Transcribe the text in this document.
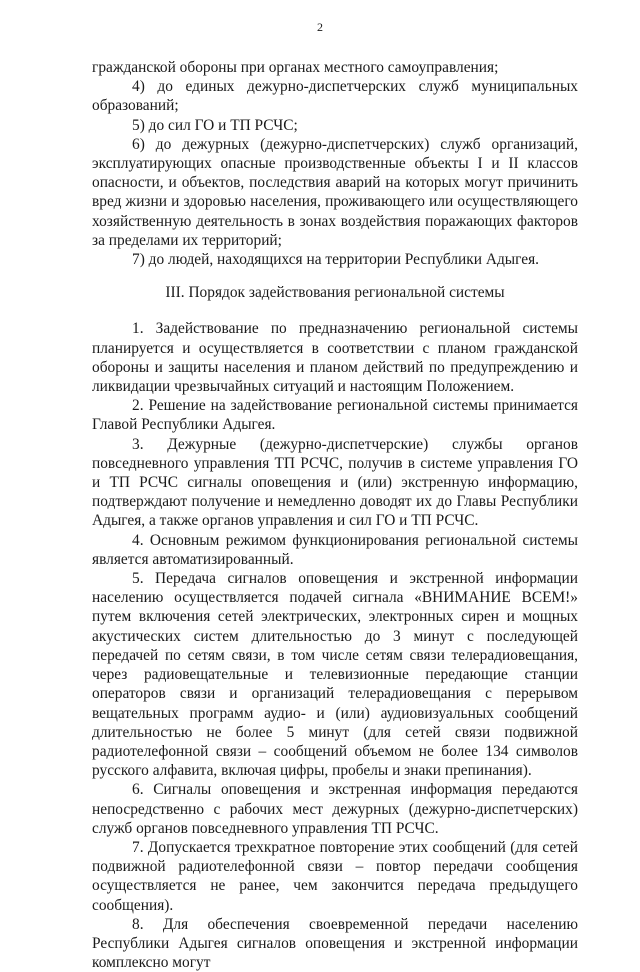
2

гражданской обороны при органах местного самоуправления;

4) до единых дежурно-диспетчерских служб муниципальных образований;

5) до сил ГО и ТП РСЧС;

6) до дежурных (дежурно-диспетчерских) служб организаций, эксплуатирующих опасные производственные объекты I и II классов опасности, и объектов, последствия аварий на которых могут причинить вред жизни и здоровью населения, проживающего или осуществляющего хозяйственную деятельность в зонах воздействия поражающих факторов за пределами их территорий;

7) до людей, находящихся на территории Республики Адыгея.

III. Порядок задействования региональной системы

1. Задействование по предназначению региональной системы планируется и осуществляется в соответствии с планом гражданской обороны и защиты населения и планом действий по предупреждению и ликвидации чрезвычайных ситуаций и настоящим Положением.

2. Решение на задействование региональной системы принимается Главой Республики Адыгея.

3. Дежурные (дежурно-диспетчерские) службы органов повседневного управления ТП РСЧС, получив в системе управления ГО и ТП РСЧС сигналы оповещения и (или) экстренную информацию, подтверждают получение и немедленно доводят их до Главы Республики Адыгея, а также органов управления и сил ГО и ТП РСЧС.

4. Основным режимом функционирования региональной системы является автоматизированный.

5. Передача сигналов оповещения и экстренной информации населению осуществляется подачей сигнала «ВНИМАНИЕ ВСЕМ!» путем включения сетей электрических, электронных сирен и мощных акустических систем длительностью до 3 минут с последующей передачей по сетям связи, в том числе сетям связи телерадиовещания, через радиовещательные и телевизионные передающие станции операторов связи и организаций телерадиовещания с перерывом вещательных программ аудио- и (или) аудиовизуальных сообщений длительностью не более 5 минут (для сетей связи подвижной радиотелефонной связи – сообщений объемом не более 134 символов русского алфавита, включая цифры, пробелы и знаки препинания).

6. Сигналы оповещения и экстренная информация передаются непосредственно с рабочих мест дежурных (дежурно-диспетчерских) служб органов повседневного управления ТП РСЧС.

7. Допускается трехкратное повторение этих сообщений (для сетей подвижной радиотелефонной связи – повтор передачи сообщения осуществляется не ранее, чем закончится передача предыдущего сообщения).

8. Для обеспечения своевременной передачи населению Республики Адыгея сигналов оповещения и экстренной информации комплексно могут
